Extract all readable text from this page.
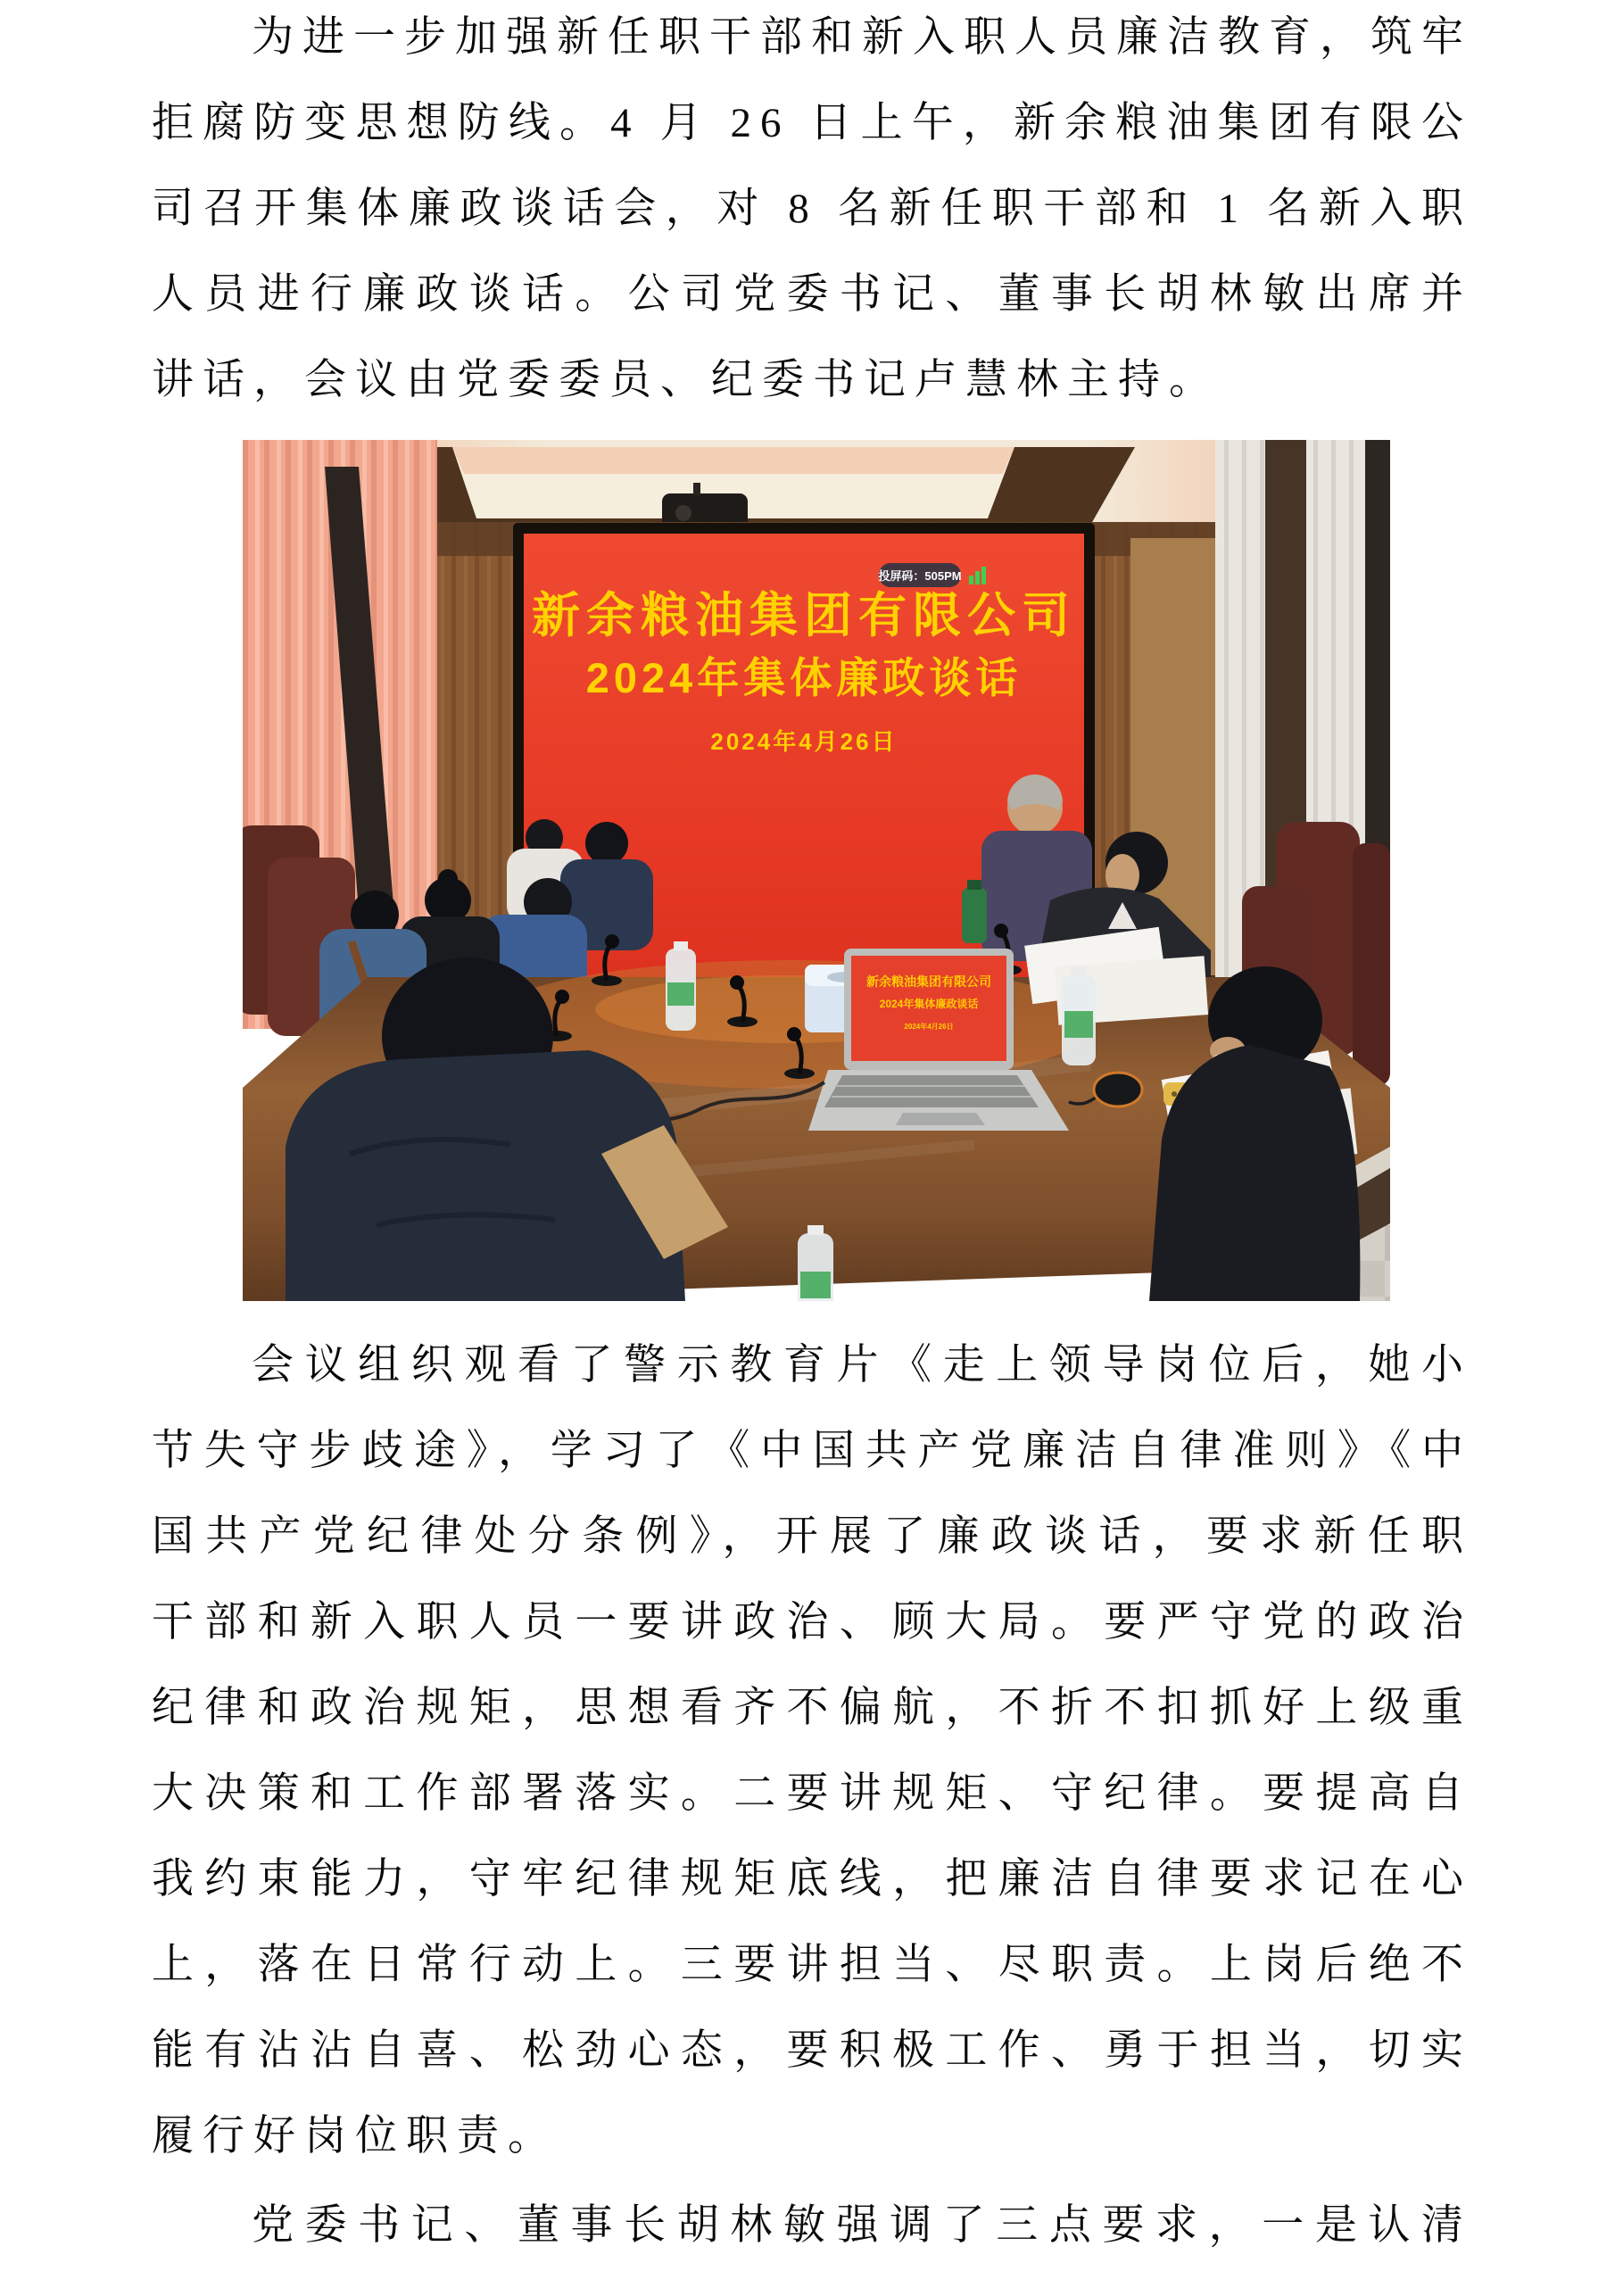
为进一步加强新任职干部和新入职人员廉洁教育，筑牢
拒腐防变思想防线。4 月 26 日上午，新余粮油集团有限公
司召开集体廉政谈话会，对 8 名新任职干部和 1 名新入职
人员进行廉政谈话。公司党委书记、董事长胡林敏出席并
讲话，会议由党委委员、纪委书记卢慧林主持。
投屏码：505PM
新余粮油集团有限公司
2024年集体廉政谈话
2024年4月26日
新余粮油集团有限公司
2024年集体廉政谈话
2024年4月26日
会议组织观看了警示教育片《走上领导岗位后，她小
节失守步歧途》，学习了《中国共产党廉洁自律准则》《中
国共产党纪律处分条例》，开展了廉政谈话，要求新任职
干部和新入职人员一要讲政治、顾大局。要严守党的政治
纪律和政治规矩，思想看齐不偏航，不折不扣抓好上级重
大决策和工作部署落实。二要讲规矩、守纪律。要提高自
我约束能力，守牢纪律规矩底线，把廉洁自律要求记在心
上，落在日常行动上。三要讲担当、尽职责。上岗后绝不
能有沾沾自喜、松劲心态，要积极工作、勇于担当，切实
履行好岗位职责。
党委书记、董事长胡林敏强调了三点要求，一是认清
